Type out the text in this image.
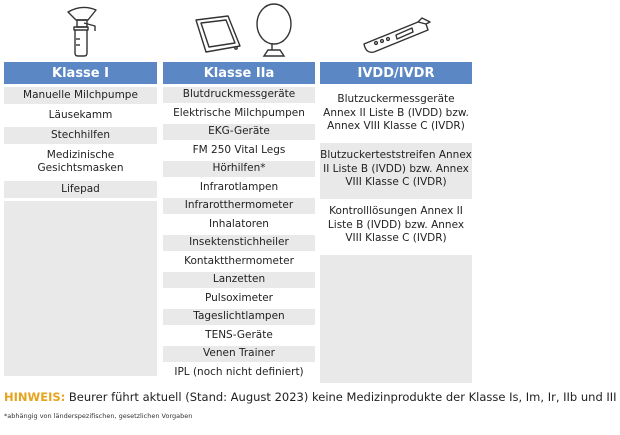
Klasse I
Manuelle Milchpumpe
Läusekamm
Stechhilfen
Medizinische Gesichtsmasken
Lifepad
Klasse IIa
Blutdruckmessgeräte
Elektrische Milchpumpen
EKG-Geräte
FM 250 Vital Legs
Hörhilfen*
Infrarotlampen
Infrarotthermometer
Inhalatoren
Insektenstichheiler
Kontaktthermometer
Lanzetten
Pulsoximeter
Tageslichtlampen
TENS-Geräte
Venen Trainer
IPL (noch nicht definiert)
IVDD/IVDR
Blutzuckermessgeräte Annex II Liste B (IVDD) bzw. Annex VIII Klasse C (IVDR)
Blutzuckerteststreifen Annex II Liste B (IVDD) bzw. Annex VIII Klasse C (IVDR)
Kontrolllösungen Annex II Liste B (IVDD) bzw. Annex VIII Klasse C (IVDR)
HINWEIS: Beurer führt aktuell (Stand: August 2023) keine Medizinprodukte der Klasse Is, Im, Ir, IIb und III
*abhängig von länderspezifischen, gesetzlichen Vorgaben
